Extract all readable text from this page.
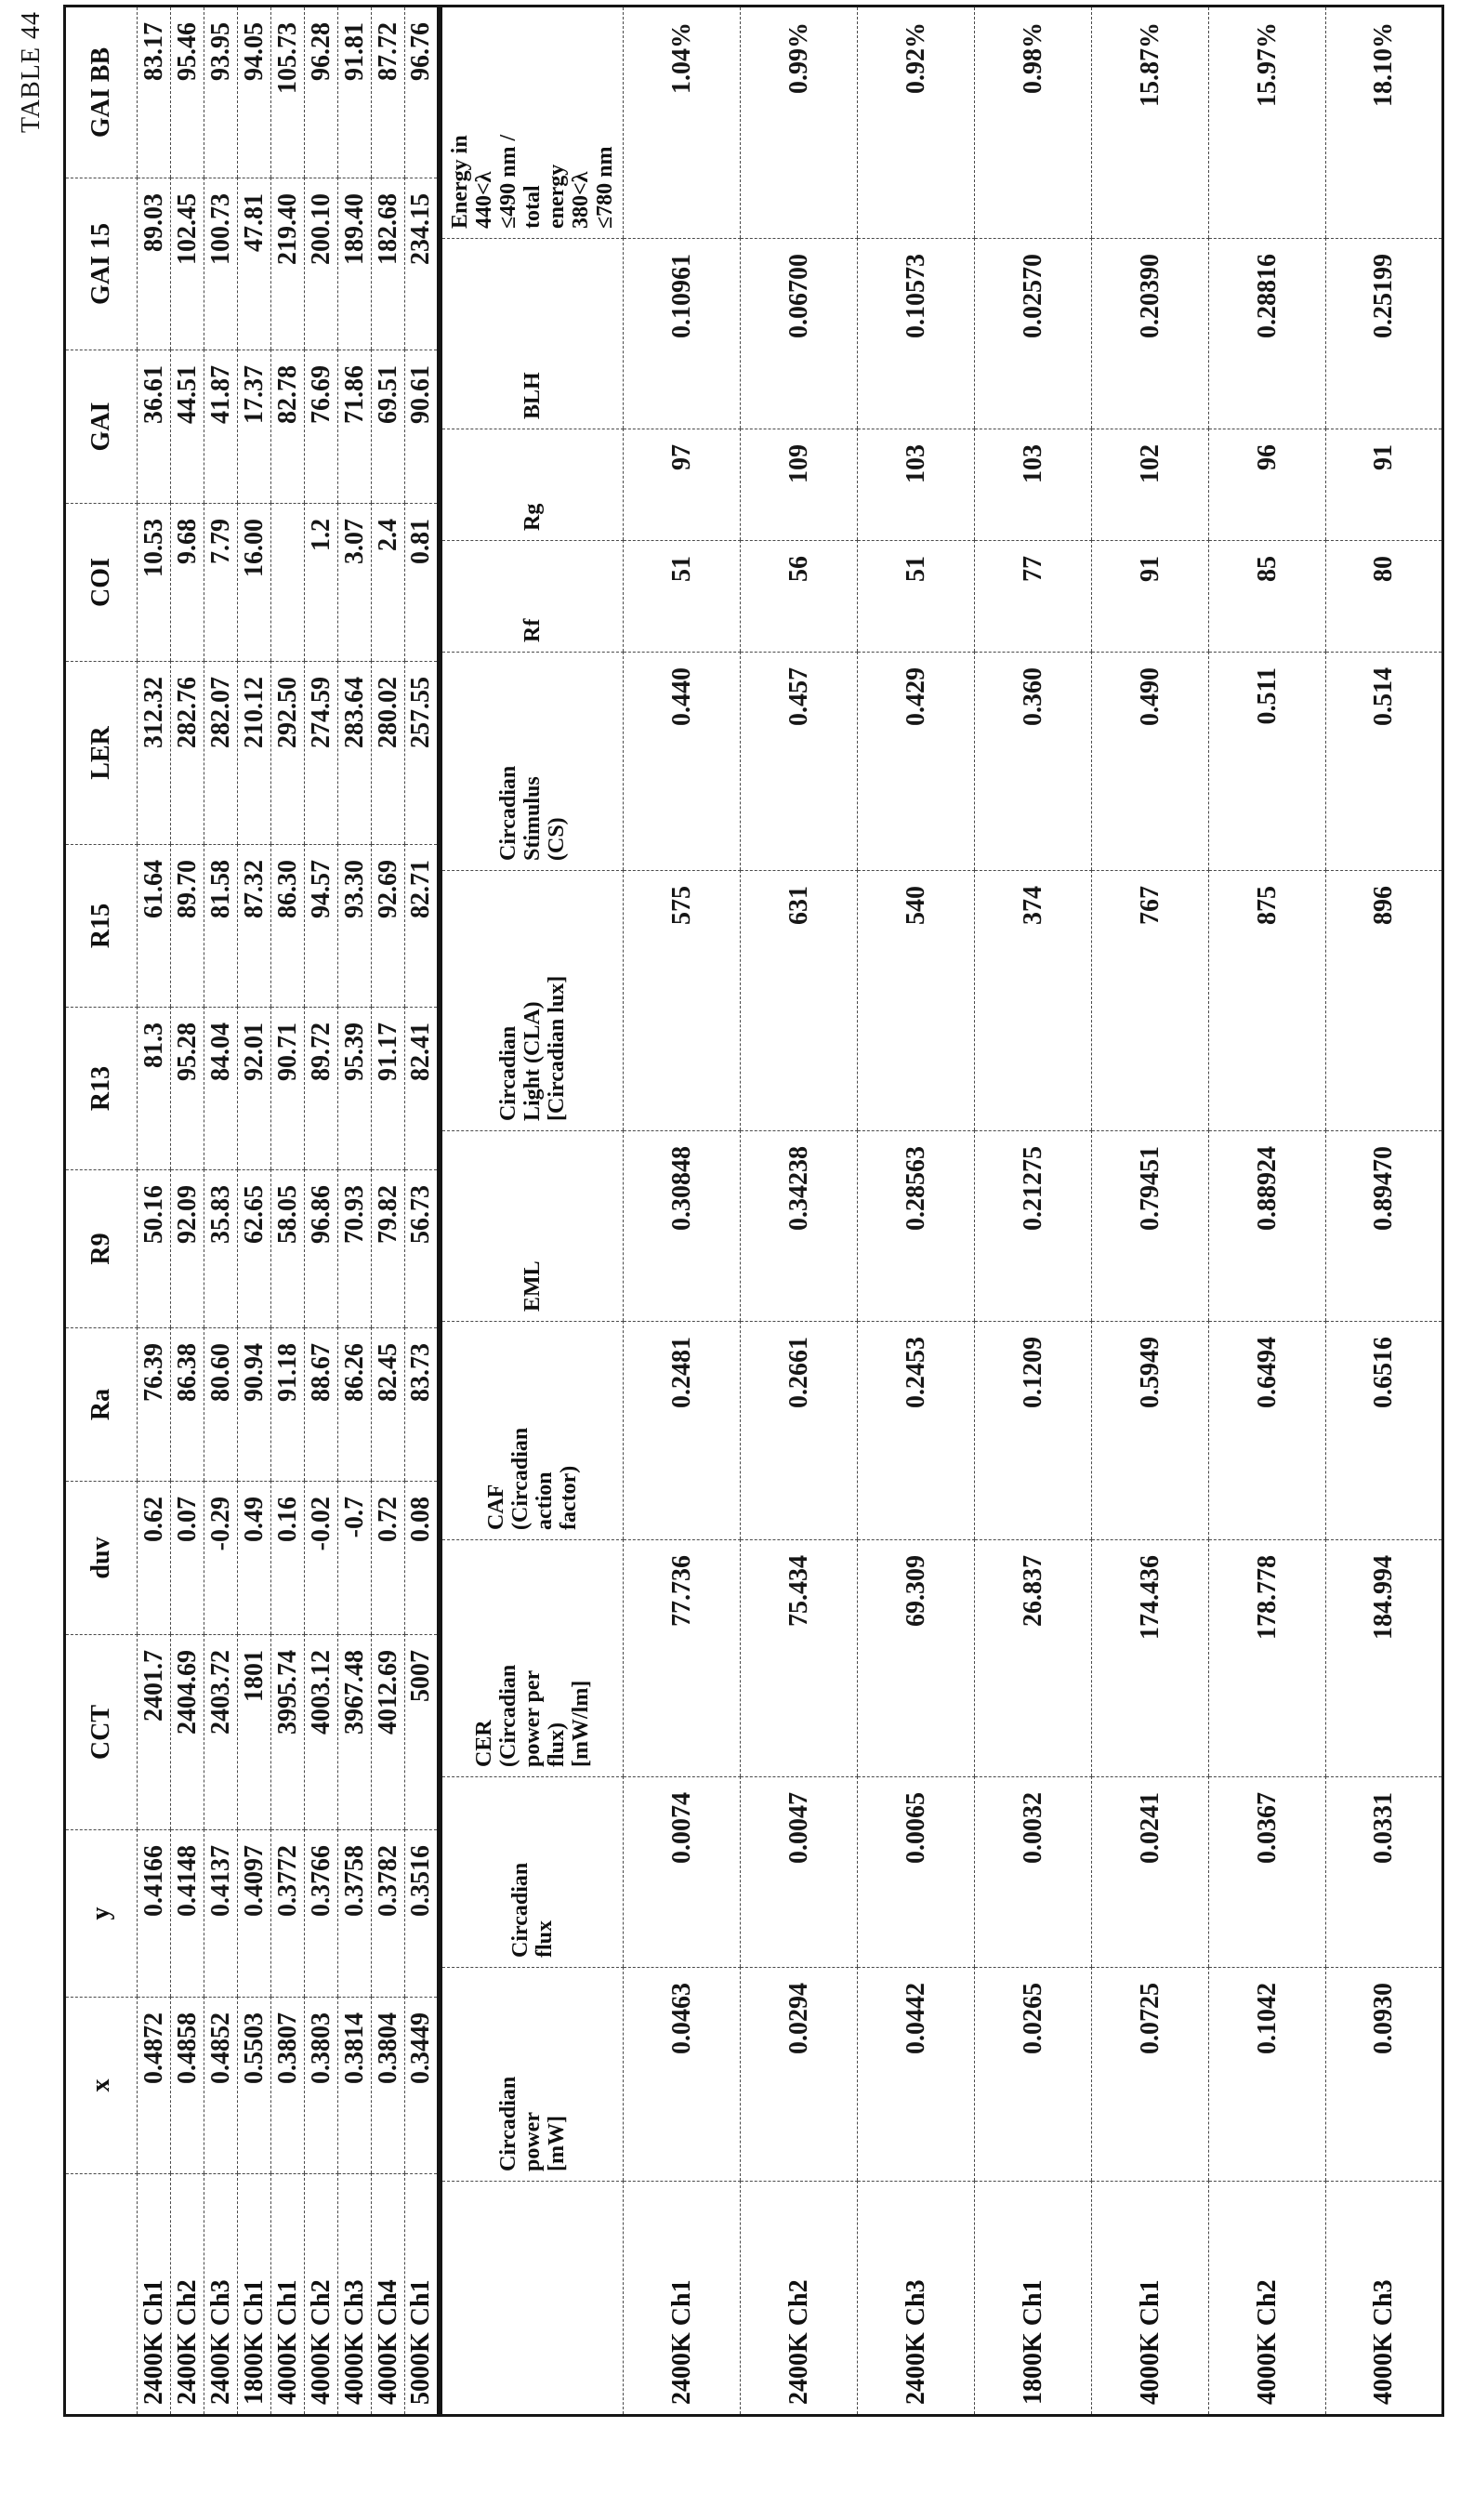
TABLE 44
	x	y	CCT	duv	Ra	R9	R13	R15	LER	COI	GAI	GAI 15	GAI BB
2400K Ch1	0.4872	0.4166	2401.7	0.62	76.39	50.16	81.3	61.64	312.32	10.53	36.61	89.03	83.17
2400K Ch2	0.4858	0.4148	2404.69	0.07	86.38	92.09	95.28	89.70	282.76	9.68	44.51	102.45	95.46
2400K Ch3	0.4852	0.4137	2403.72	-0.29	80.60	35.83	84.04	81.58	282.07	7.79	41.87	100.73	93.95
1800K Ch1	0.5503	0.4097	1801	0.49	90.94	62.65	92.01	87.32	210.12	16.00	17.37	47.81	94.05
4000K Ch1	0.3807	0.3772	3995.74	0.16	91.18	58.05	90.71	86.30	292.50		82.78	219.40	105.73
4000K Ch2	0.3803	0.3766	4003.12	-0.02	88.67	96.86	89.72	94.57	274.59	1.2	76.69	200.10	96.28
4000K Ch3	0.3814	0.3758	3967.48	-0.7	86.26	70.93	95.39	93.30	283.64	3.07	71.86	189.40	91.81
4000K Ch4	0.3804	0.3782	4012.69	0.72	82.45	79.82	91.17	92.69	280.02	2.4	69.51	182.68	87.72
5000K Ch1	0.3449	0.3516	5007	0.08	83.73	56.73	82.41	82.71	257.55	0.81	90.61	234.15	96.76
	Circadian
power
[mW]	Circadian
flux	CER
(Circadian
power per
flux)
[mW/lm]	CAF
(Circadian
action
factor)	EML	Circadian
Light (CLA)
[Circadian lux]	Circadian
Stimulus
(CS)	Rf	Rg	BLH	Energy in
440<λ
≤490 nm /
total
energy
380<λ
≤780 nm
2400K Ch1	0.0463	0.0074	77.736	0.2481	0.30848	575	0.440	51	97	0.10961	1.04%
2400K Ch2	0.0294	0.0047	75.434	0.2661	0.34238	631	0.457	56	109	0.06700	0.99%
2400K Ch3	0.0442	0.0065	69.309	0.2453	0.28563	540	0.429	51	103	0.10573	0.92%
1800K Ch1	0.0265	0.0032	26.837	0.1209	0.21275	374	0.360	77	103	0.02570	0.98%
4000K Ch1	0.0725	0.0241	174.436	0.5949	0.79451	767	0.490	91	102	0.20390	15.87%
4000K Ch2	0.1042	0.0367	178.778	0.6494	0.88924	875	0.511	85	96	0.28816	15.97%
4000K Ch3	0.0930	0.0331	184.994	0.6516	0.89470	896	0.514	80	91	0.25199	18.10%
